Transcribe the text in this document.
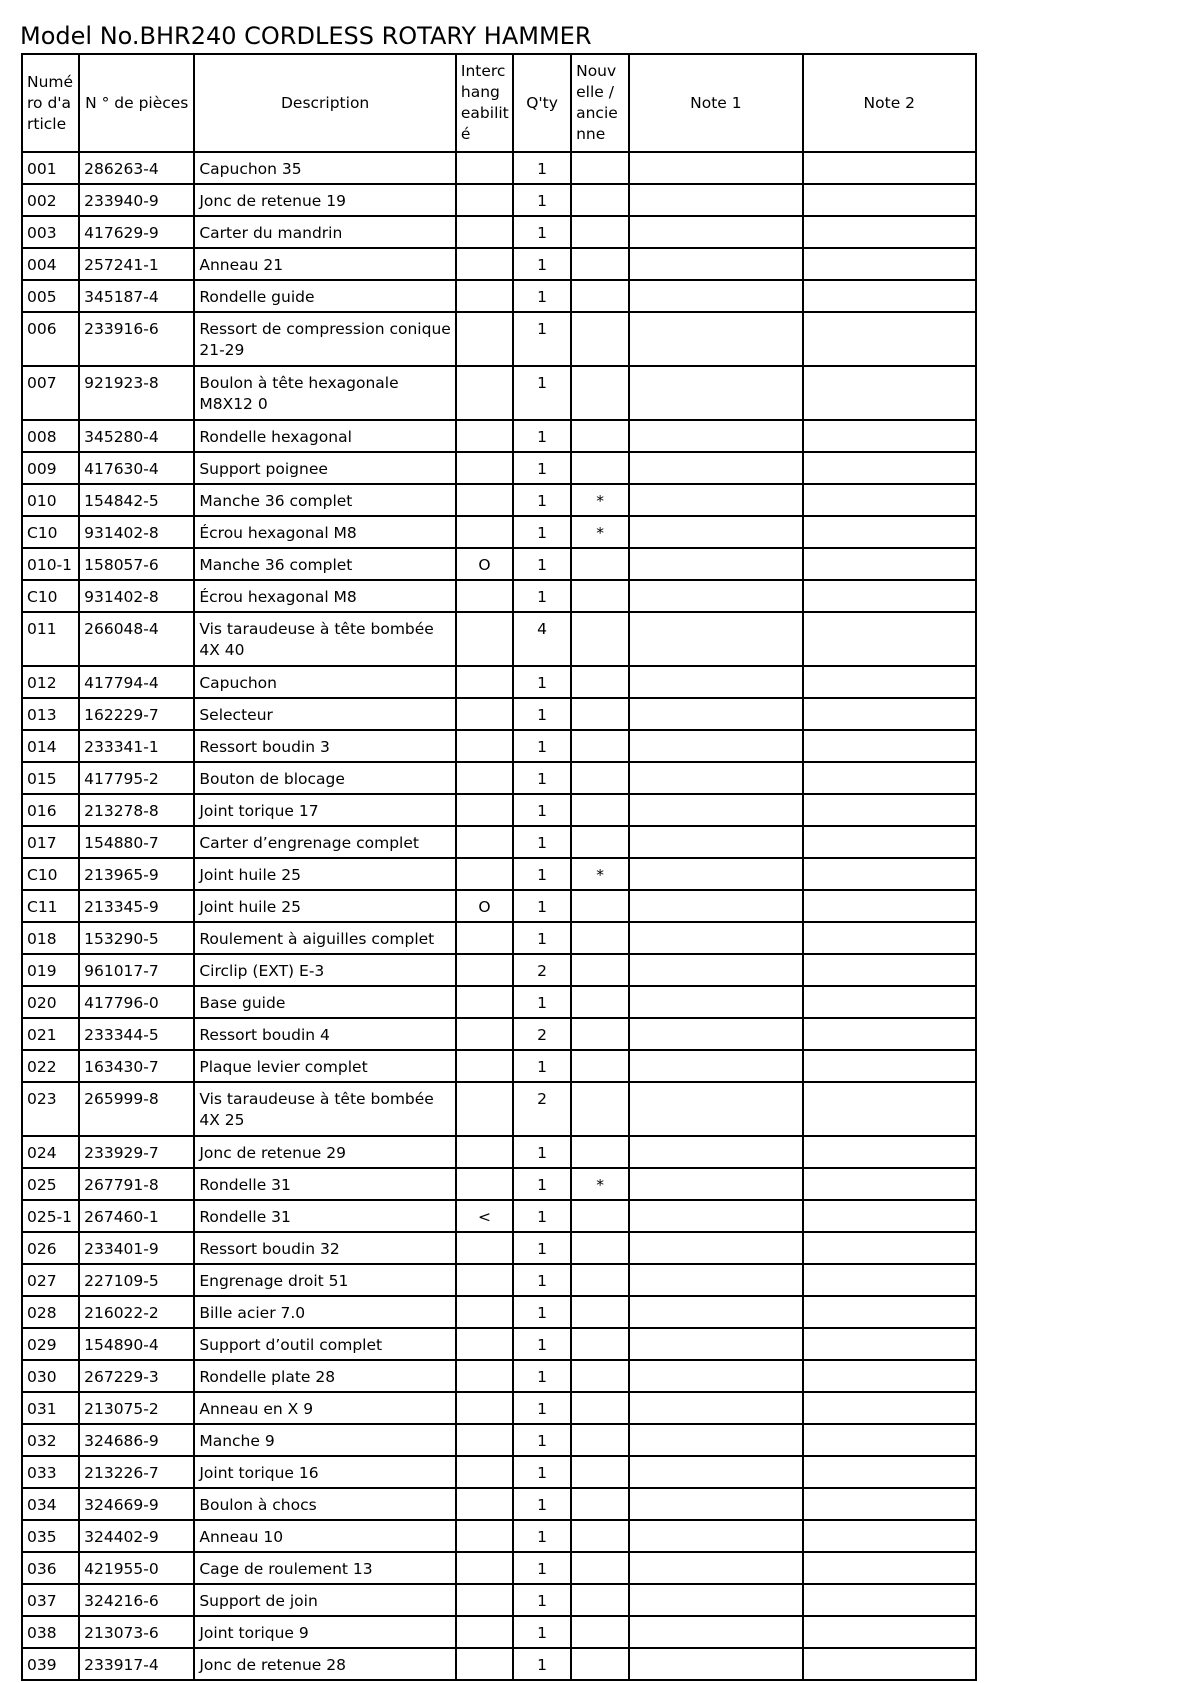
Model No.BHR240 CORDLESS ROTARY HAMMER
Numé ro d'a rticle	N ° de pièces	Description	Interc hang eabilit é	Q'ty	Nouv elle / ancie nne	Note 1	Note 2
001	286263-4	Capuchon 35		1			
002	233940-9	Jonc de retenue 19		1			
003	417629-9	Carter du mandrin		1			
004	257241-1	Anneau 21		1			
005	345187-4	Rondelle guide		1			
006	233916-6	Ressort de compression conique 21-29		1			
007	921923-8	Boulon à tête hexagonale M8X12 0		1			
008	345280-4	Rondelle hexagonal		1			
009	417630-4	Support poignee		1			
010	154842-5	Manche 36 complet		1	*		
C10	931402-8	Écrou hexagonal M8		1	*		
010-1	158057-6	Manche 36 complet	O	1			
C10	931402-8	Écrou hexagonal M8		1			
011	266048-4	Vis taraudeuse à tête bombée 4X 40		4			
012	417794-4	Capuchon		1			
013	162229-7	Selecteur		1			
014	233341-1	Ressort boudin 3		1			
015	417795-2	Bouton de blocage		1			
016	213278-8	Joint torique 17		1			
017	154880-7	Carter d’engrenage complet		1			
C10	213965-9	Joint huile 25		1	*		
C11	213345-9	Joint huile 25	O	1			
018	153290-5	Roulement à aiguilles complet		1			
019	961017-7	Circlip (EXT) E-3		2			
020	417796-0	Base guide		1			
021	233344-5	Ressort boudin 4		2			
022	163430-7	Plaque levier complet		1			
023	265999-8	Vis taraudeuse à tête bombée 4X 25		2			
024	233929-7	Jonc de retenue 29		1			
025	267791-8	Rondelle 31		1	*		
025-1	267460-1	Rondelle 31	<	1			
026	233401-9	Ressort boudin 32		1			
027	227109-5	Engrenage droit 51		1			
028	216022-2	Bille acier 7.0		1			
029	154890-4	Support d’outil complet		1			
030	267229-3	Rondelle plate 28		1			
031	213075-2	Anneau en X 9		1			
032	324686-9	Manche 9		1			
033	213226-7	Joint torique 16		1			
034	324669-9	Boulon à chocs		1			
035	324402-9	Anneau 10		1			
036	421955-0	Cage de roulement 13		1			
037	324216-6	Support de join		1			
038	213073-6	Joint torique 9		1			
039	233917-4	Jonc de retenue 28		1			
